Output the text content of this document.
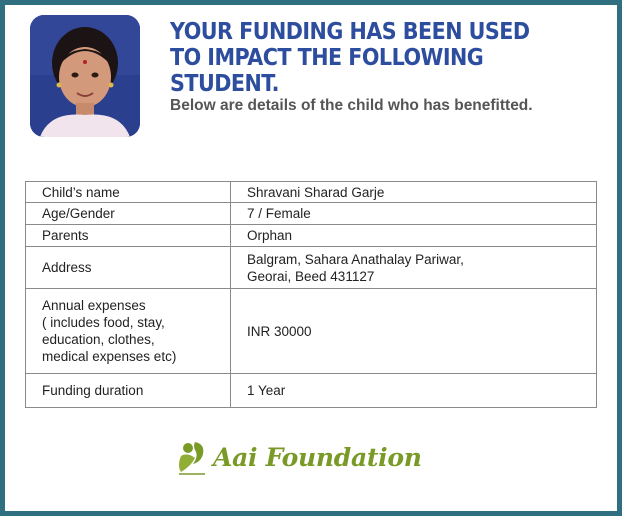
YOUR FUNDING HAS BEEN USED TO IMPACT THE FOLLOWING STUDENT.
Below are details of the child who has benefitted.
Child’s name	Shravani Sharad Garje
Age/Gender	7 / Female
Parents	Orphan
Address	Balgram, Sahara Anathalay Pariwar,
Georai, Beed 431127

Annual expenses
( includes food, stay,
education, clothes,
medical expenses etc)	INR 30000
Funding duration	1 Year
Aai Foundation
